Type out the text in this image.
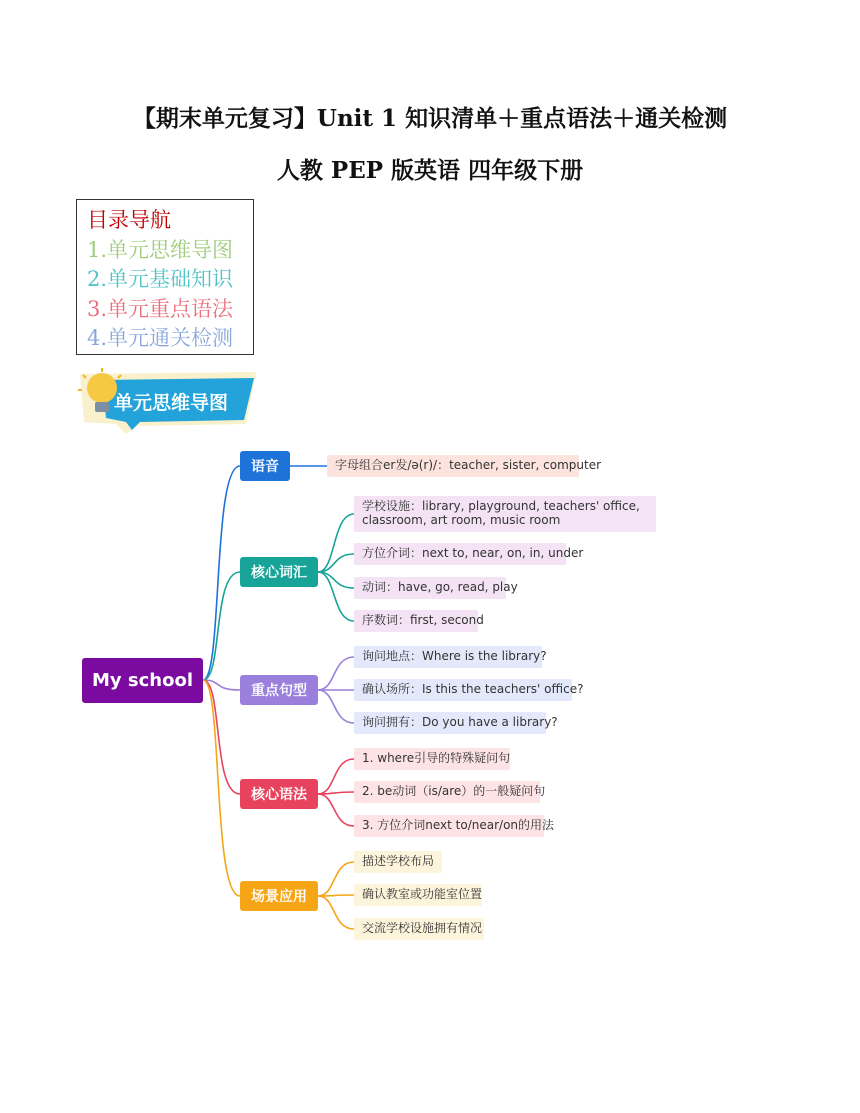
【期末单元复习】Unit 1 知识清单＋重点语法＋通关检测
人教 PEP 版英语 四年级下册
目录导航
1.单元思维导图
2.单元基础知识
3.单元重点语法
4.单元通关检测
单元思维导图
My school
语音	字母组合er发/ə(r)/：teacher, sister, computer
核心词汇
学校设施：library, playground, teachers' office,
classroom, art room, music room
方位介词：next to, near, on, in, under
动词：have, go, read, play
序数词：first, second
重点句型
询问地点：Where is the library?
确认场所：Is this the teachers' office?
询问拥有：Do you have a library?
核心语法
1. where引导的特殊疑问句
2. be动词（is/are）的一般疑问句
3. 方位介词next to/near/on的用法
场景应用
描述学校布局
确认教室或功能室位置
交流学校设施拥有情况
